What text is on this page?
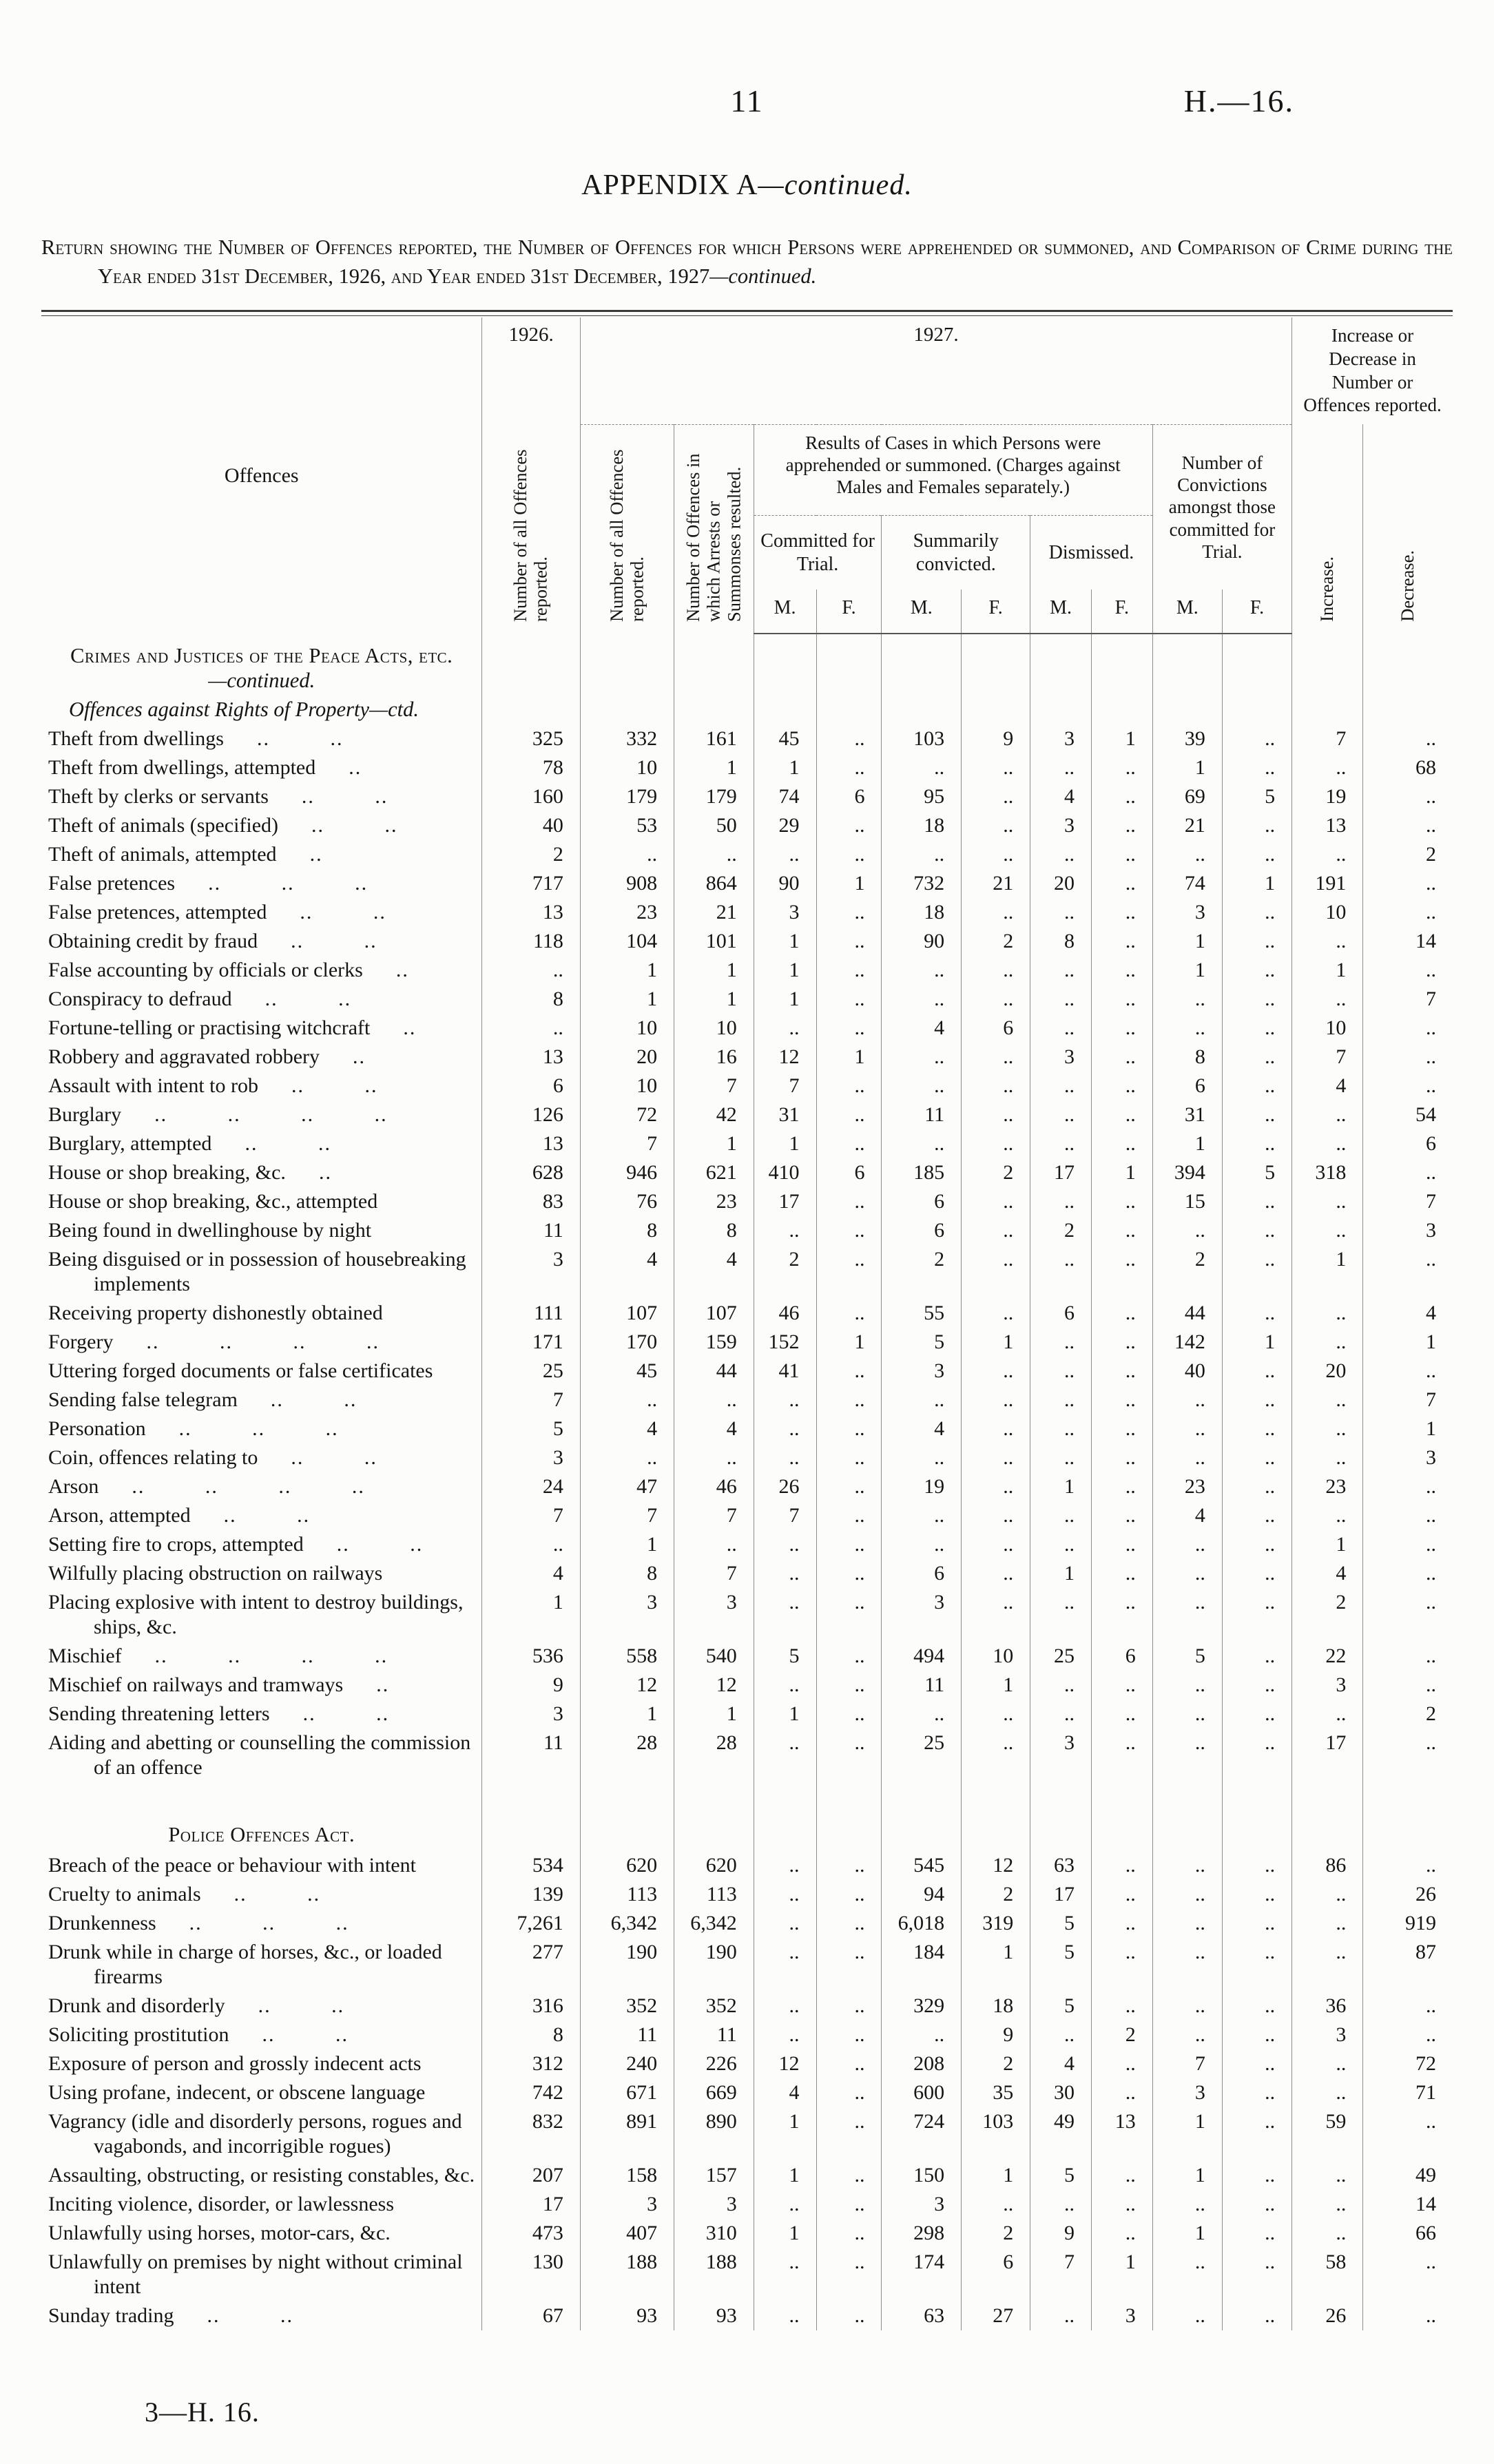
11	H.—16.
APPENDIX A—continued.
Return showing the Number of Offences reported, the Number of Offences for which Persons were apprehended or summoned, and Comparison of Crime during the Year ended 31st December, 1926, and Year ended 31st December, 1927—continued.
Offences	1926.	1927.										Increase or Decrease in Number or Offences reported.	
	Number of all Offences reported.	Number of all Offences reported.	Number of Offences in which Arrests or Summonses resulted.	Results of Cases in which Persons were apprehended or summoned. (Charges against Males and Females separately.)						Number of Convictions amongst those committed for Trial.		Increase.	Decrease.
				Committed for Trial.		Summarily convicted.		Dismissed.					
				M.	F.	M.	F.	M.	F.	M.	F.		
Crimes and Justices of the Peace Acts, etc.—continued.													
Offences against Rights of Property—ctd.													
Theft from dwellings .. ..	325	332	161	45	..	103	9	3	1	39	..	7	..
Theft from dwellings, attempted ..	78	10	1	1	..	..	..	..	..	1	..	..	68
Theft by clerks or servants .. ..	160	179	179	74	6	95	..	4	..	69	5	19	..
Theft of animals (specified) .. ..	40	53	50	29	..	18	..	3	..	21	..	13	..
Theft of animals, attempted ..	2	..	..	..	..	..	..	..	..	..	..	..	2
False pretences .. .. ..	717	908	864	90	1	732	21	20	..	74	1	191	..
False pretences, attempted .. ..	13	23	21	3	..	18	..	..	..	3	..	10	..
Obtaining credit by fraud .. ..	118	104	101	1	..	90	2	8	..	1	..	..	14
False accounting by officials or clerks ..	..	1	1	1	..	..	..	..	..	1	..	1	..
Conspiracy to defraud .. ..	8	1	1	1	..	..	..	..	..	..	..	..	7
Fortune-telling or practising witchcraft ..	..	10	10	..	..	4	6	..	..	..	..	10	..
Robbery and aggravated robbery ..	13	20	16	12	1	..	..	3	..	8	..	7	..
Assault with intent to rob .. ..	6	10	7	7	..	..	..	..	..	6	..	4	..
Burglary .. .. .. ..	126	72	42	31	..	11	..	..	..	31	..	..	54
Burglary, attempted .. ..	13	7	1	1	..	..	..	..	..	1	..	..	6
House or shop breaking, &c. ..	628	946	621	410	6	185	2	17	1	394	5	318	..
House or shop breaking, &c., attempted	83	76	23	17	..	6	..	..	..	15	..	..	7
Being found in dwellinghouse by night	11	8	8	..	..	6	..	2	..	..	..	..	3
Being disguised or in possession of housebreaking implements	3	4	4	2	..	2	..	..	..	2	..	1	..
Receiving property dishonestly obtained	111	107	107	46	..	55	..	6	..	44	..	..	4
Forgery .. .. .. ..	171	170	159	152	1	5	1	..	..	142	1	..	1
Uttering forged documents or false certificates	25	45	44	41	..	3	..	..	..	40	..	20	..
Sending false telegram .. ..	7	..	..	..	..	..	..	..	..	..	..	..	7
Personation .. .. ..	5	4	4	..	..	4	..	..	..	..	..	..	1
Coin, offences relating to .. ..	3	..	..	..	..	..	..	..	..	..	..	..	3
Arson .. .. .. ..	24	47	46	26	..	19	..	1	..	23	..	23	..
Arson, attempted .. ..	7	7	7	7	..	..	..	..	..	4	..	..	..
Setting fire to crops, attempted .. ..	..	1	..	..	..	..	..	..	..	..	..	1	..
Wilfully placing obstruction on railways	4	8	7	..	..	6	..	1	..	..	..	4	..
Placing explosive with intent to destroy buildings, ships, &c.	1	3	3	..	..	3	..	..	..	..	..	2	..
Mischief .. .. .. ..	536	558	540	5	..	494	10	25	6	5	..	22	..
Mischief on railways and tramways ..	9	12	12	..	..	11	1	..	..	..	..	3	..
Sending threatening letters .. ..	3	1	1	1	..	..	..	..	..	..	..	..	2
Aiding and abetting or counselling the commission of an offence	11	28	28	..	..	25	..	3	..	..	..	17	..
Police Offences Act.													
Breach of the peace or behaviour with intent	534	620	620	..	..	545	12	63	..	..	..	86	..
Cruelty to animals .. ..	139	113	113	..	..	94	2	17	..	..	..	..	26
Drunkenness .. .. ..	7,261	6,342	6,342	..	..	6,018	319	5	..	..	..	..	919
Drunk while in charge of horses, &c., or loaded firearms	277	190	190	..	..	184	1	5	..	..	..	..	87
Drunk and disorderly .. ..	316	352	352	..	..	329	18	5	..	..	..	36	..
Soliciting prostitution .. ..	8	11	11	..	..	..	9	..	2	..	..	3	..
Exposure of person and grossly indecent acts	312	240	226	12	..	208	2	4	..	7	..	..	72
Using profane, indecent, or obscene language	742	671	669	4	..	600	35	30	..	3	..	..	71
Vagrancy (idle and disorderly persons, rogues and vagabonds, and incorrigible rogues)	832	891	890	1	..	724	103	49	13	1	..	59	..
Assaulting, obstructing, or resisting constables, &c.	207	158	157	1	..	150	1	5	..	1	..	..	49
Inciting violence, disorder, or lawlessness	17	3	3	..	..	3	..	..	..	..	..	..	14
Unlawfully using horses, motor-cars, &c.	473	407	310	1	..	298	2	9	..	1	..	..	66
Unlawfully on premises by night without criminal intent	130	188	188	..	..	174	6	7	1	..	..	58	..
Sunday trading .. ..	67	93	93	..	..	63	27	..	3	..	..	26	..
3—H. 16.
